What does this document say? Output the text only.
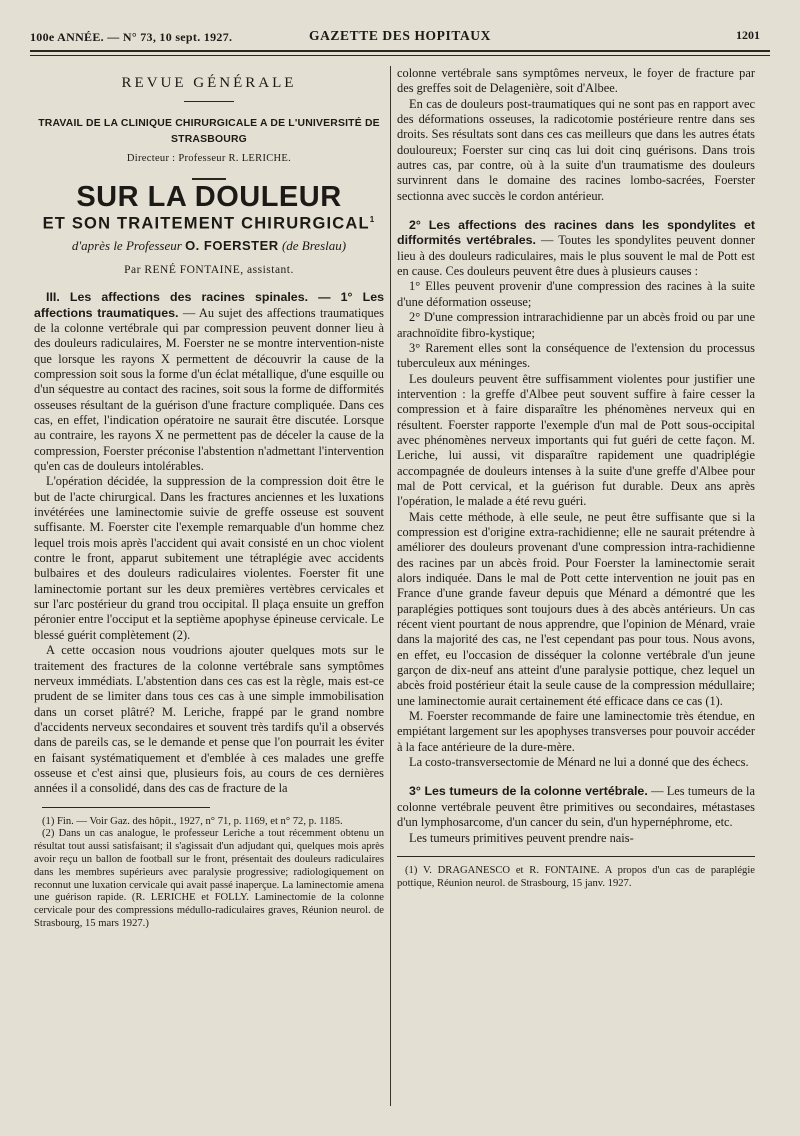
100e ANNÉE. — N° 73, 10 sept. 1927.	GAZETTE DES HOPITAUX	1201
REVUE GÉNÉRALE
TRAVAIL DE LA CLINIQUE CHIRURGICALE A DE L'UNIVERSITÉ DE STRASBOURG
Directeur : Professeur R. LERICHE.
SUR LA DOULEUR
ET SON TRAITEMENT CHIRURGICAL$^1$
d'après le Professeur O. FOERSTER (de Breslau)
Par RENÉ FONTAINE, assistant.

III. Les affections des racines spinales. — 1° Les affections traumatiques. — Au sujet des affections traumatiques de la colonne vertébrale qui par compression peuvent donner lieu à des douleurs radiculaires, M. Foerster ne se montre intervention-niste que lorsque les rayons X permettent de découvrir la cause de la compression soit sous la forme d'un éclat métallique, d'une esquille ou d'un séquestre au contact des racines, soit sous la forme de difformités osseuses résultant de la guérison d'une fracture compliquée. Dans ces cas, en effet, l'indication opératoire ne saurait être discutée. Lorsque au contraire, les rayons X ne permettent pas de déceler la cause de la compression, Foerster préconise l'abstention n'admettant l'intervention qu'en cas de douleurs intolérables.

L'opération décidée, la suppression de la compression doit être le but de l'acte chirurgical. Dans les fractures anciennes et les luxations invétérées une laminectomie suivie de greffe osseuse est souvent suffisante. M. Foerster cite l'exemple remarquable d'un homme chez lequel trois mois après l'accident qui avait consisté en un choc violent contre le front, apparut subitement une tétraplégie avec accidents bulbaires et des douleurs radiculaires violentes. Foerster fit une laminectomie portant sur les deux premières vertèbres cervicales et sur l'arc postérieur du grand trou occipital. Il plaça ensuite un greffon péronier entre l'occiput et la septième apophyse épineuse cervicale. Le blessé guérit complètement (2).

A cette occasion nous voudrions ajouter quelques mots sur le traitement des fractures de la colonne vertébrale sans symptômes nerveux immédiats. L'abstention dans ces cas est la règle, mais est-ce prudent de se limiter dans tous ces cas à une simple immobilisation dans un corset plâtré? M. Leriche, frappé par le grand nombre d'accidents nerveux secondaires et souvent très tardifs qu'il a observés dans de pareils cas, se le demande et pense que l'on pourrait les éviter en faisant systématiquement et d'emblée à ces malades une greffe osseuse et c'est ainsi que, plusieurs fois, au cours de ces dernières années il a consolidé, dans des cas de fracture de la

(1) Fin. — Voir Gaz. des hôpit., 1927, n° 71, p. 1169, et n° 72, p. 1185.

(2) Dans un cas analogue, le professeur Leriche a tout récemment obtenu un résultat tout aussi satisfaisant; il s'agissait d'un adjudant qui, quelques mois après avoir reçu un ballon de football sur le front, présentait des douleurs radiculaires dans les membres supérieurs avec paralysie progressive; radiologiquement on reconnut une luxation cervicale qui avait passé inaperçue. La laminectomie amena une guérison rapide. (R. LERICHE et FOLLY. Laminectomie de la colonne cervicale pour des compressions médullo-radiculaires graves, Réunion neurol. de Strasbourg, 15 mars 1927.)

colonne vertébrale sans symptômes nerveux, le foyer de fracture par des greffes soit de Delagenière, soit d'Albee.

En cas de douleurs post-traumatiques qui ne sont pas en rapport avec des déformations osseuses, la radicotomie postérieure rentre dans ses droits. Ses résultats sont dans ces cas meilleurs que dans les autres états douloureux; Foerster sur cinq cas lui doit cinq guérisons. Dans trois autres cas, par contre, où à la suite d'un traumatisme des douleurs survinrent dans le domaine des racines lombo-sacrées, Foerster sectionna avec succès le cordon antérieur.

2° Les affections des racines dans les spondylites et difformités vertébrales. — Toutes les spondylites peuvent donner lieu à des douleurs radiculaires, mais le plus souvent le mal de Pott est en cause. Ces douleurs peuvent être dues à plusieurs causes :

1° Elles peuvent provenir d'une compression des racines à la suite d'une déformation osseuse;

2° D'une compression intrarachidienne par un abcès froid ou par une arachnoïdite fibro-kystique;

3° Rarement elles sont la conséquence de l'extension du processus tuberculeux aux méninges.

Les douleurs peuvent être suffisamment violentes pour justifier une intervention : la greffe d'Albee peut souvent suffire à faire cesser la compression et à faire disparaître les phénomènes nerveux qui en résultent. Foerster rapporte l'exemple d'un mal de Pott sous-occipital avec phénomènes nerveux importants qui fut guéri de cette façon. M. Leriche, lui aussi, vit disparaître rapidement une quadriplégie accompagnée de douleurs intenses à la suite d'une greffe d'Albee pour mal de Pott cervical, et la guérison fut durable. Deux ans après l'opération, le malade a été revu guéri.

Mais cette méthode, à elle seule, ne peut être suffisante que si la compression est d'origine extra-rachidienne; elle ne saurait prétendre à améliorer des douleurs provenant d'une compression intra-rachidienne des racines par un abcès froid. Pour Foerster la laminectomie serait alors indiquée. Dans le mal de Pott cette intervention ne jouit pas en France d'une grande faveur depuis que Ménard a démontré que les paraplégies pottiques sont toujours dues à des abcès antérieurs. Un cas récent vient pourtant de nous apprendre, que l'opinion de Ménard, vraie dans la majorité des cas, ne l'est cependant pas pour tous. Nous avons, en effet, eu l'occasion de disséquer la colonne vertébrale d'un jeune garçon de dix-neuf ans atteint d'une paralysie pottique, chez lequel un abcès froid postérieur était la seule cause de la compression médullaire; une laminectomie aurait certainement été efficace dans ce cas (1).

M. Foerster recommande de faire une laminectomie très étendue, en empiétant largement sur les apophyses transverses pour pouvoir accéder à la face antérieure de la dure-mère.

La costo-transversectomie de Ménard ne lui a donné que des échecs.

3° Les tumeurs de la colonne vertébrale. — Les tumeurs de la colonne vertébrale peuvent être primitives ou secondaires, métastases d'un lymphosarcome, d'un cancer du sein, d'un hypernéphrome, etc.

Les tumeurs primitives peuvent prendre nais-

(1) V. DRAGANESCO et R. FONTAINE. A propos d'un cas de paraplégie pottique, Réunion neurol. de Strasbourg, 15 janv. 1927.
